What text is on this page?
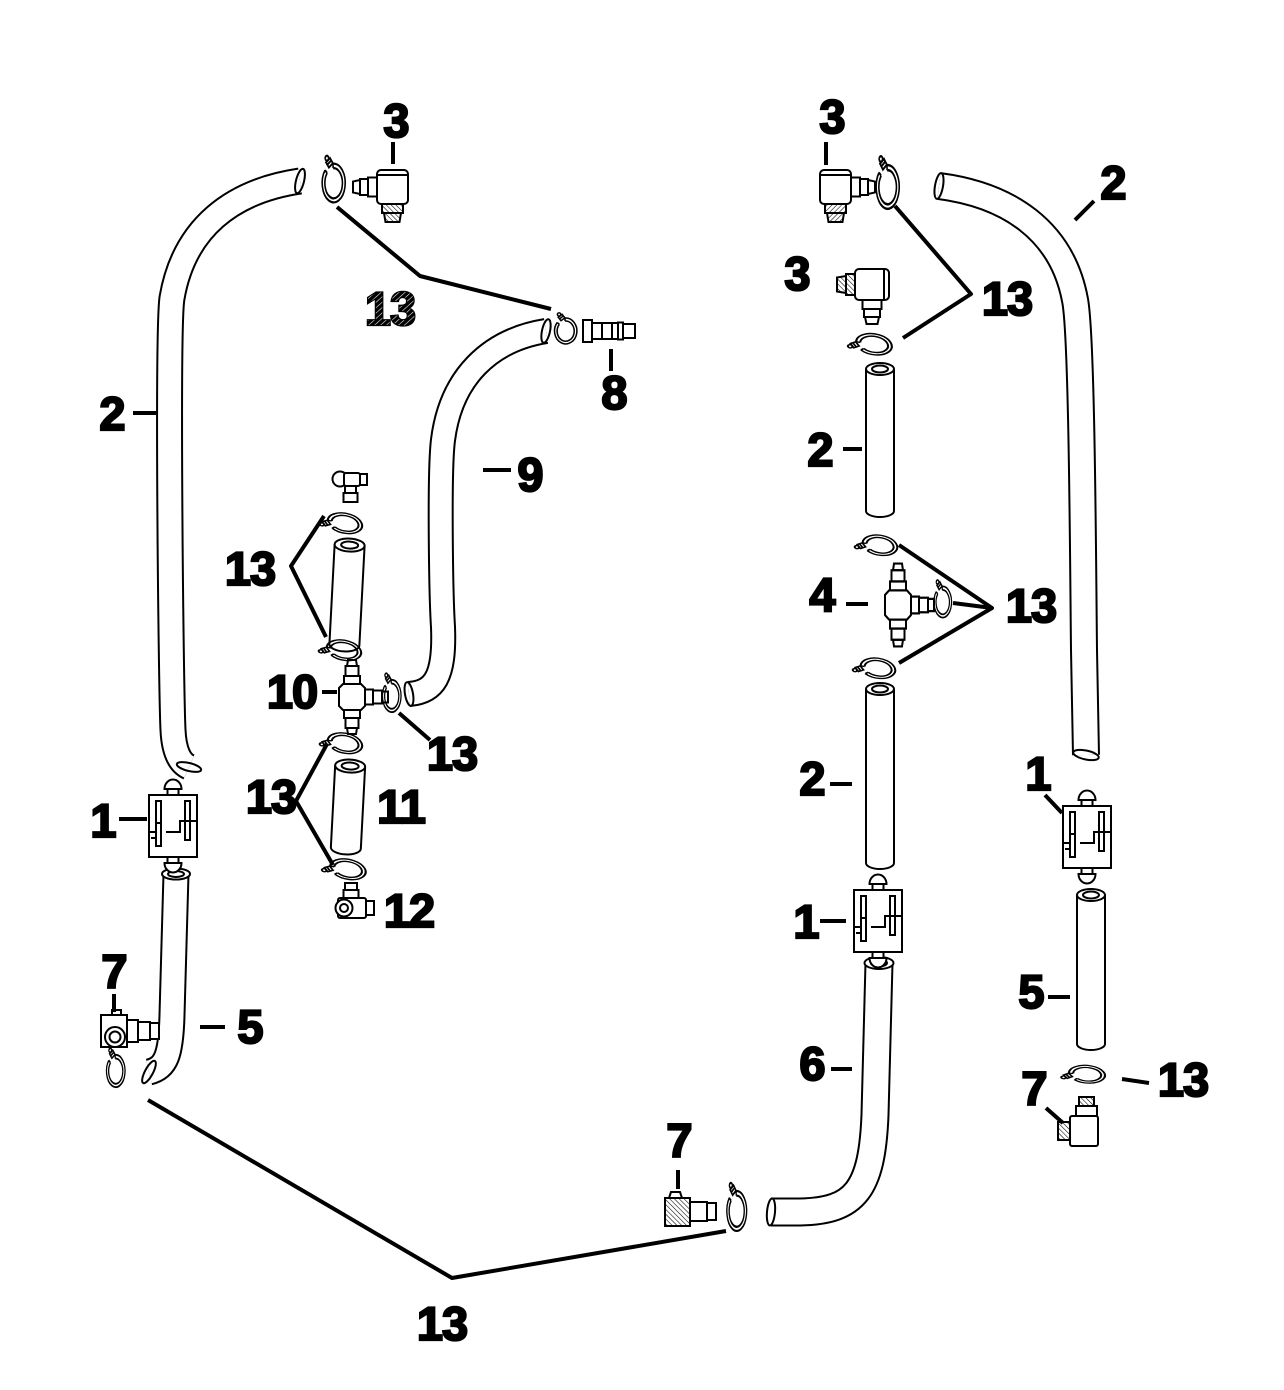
3
13
8
2
9
13
10
13
13 11
12
1
7
5
13
7
3
2
3	13
2
4	13
2
1
1
5
13
7
6
